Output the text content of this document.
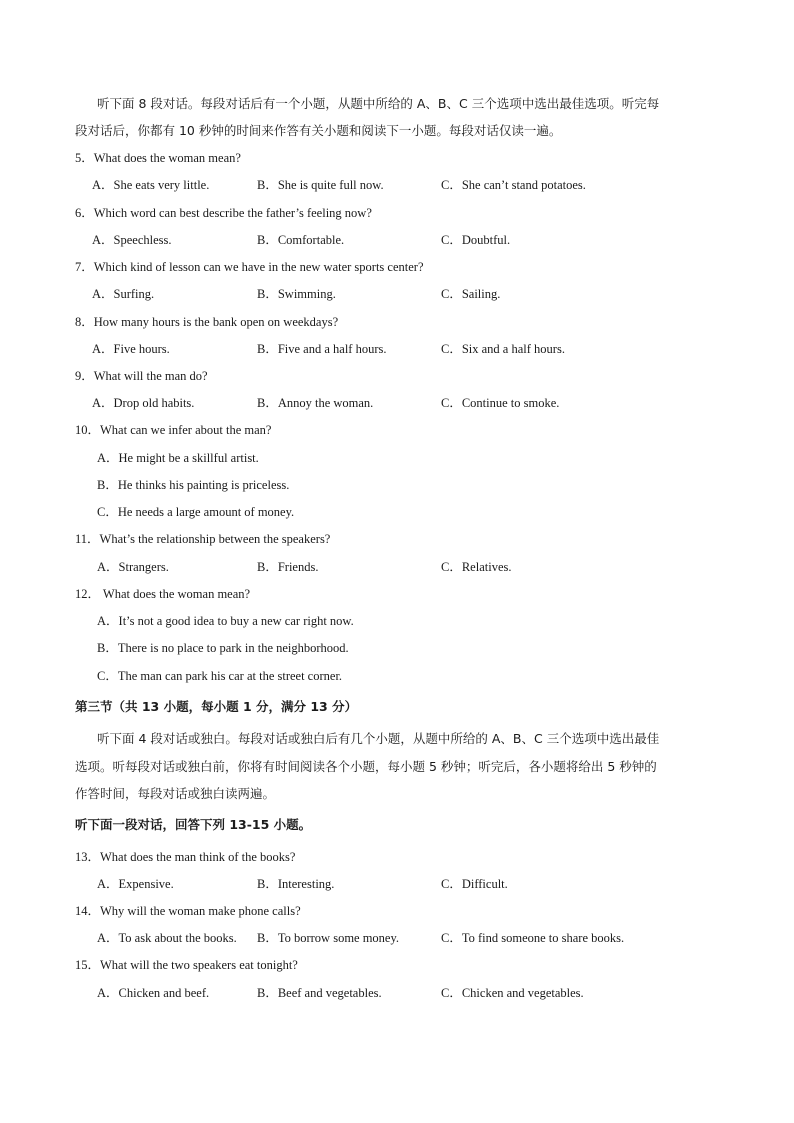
听下面 8 段对话。每段对话后有一个小题，从题中所给的 A、B、C 三个选项中选出最佳选项。听完每
段对话后，你都有 10 秒钟的时间来作答有关小题和阅读下一小题。每段对话仅读一遍。
5．What does the woman mean?
A．She eats very little.	B．She is quite full now.	C．She can’t stand potatoes.
6．Which word can best describe the father’s feeling now?
A．Speechless.	B．Comfortable.	C．Doubtful.
7．Which kind of lesson can we have in the new water sports center?
A．Surfing.	B．Swimming.	C．Sailing.
8．How many hours is the bank open on weekdays?
A．Five hours.	B．Five and a half hours.	C．Six and a half hours.
9．What will the man do?
A．Drop old habits.	B．Annoy the woman.	C．Continue to smoke.
10．What can we infer about the man?
A．He might be a skillful artist.
B．He thinks his painting is priceless.
C．He needs a large amount of money.
11．What’s the relationship between the speakers?
A．Strangers.	B．Friends.	C．Relatives.
12． What does the woman mean?
A．It’s not a good idea to buy a new car right now.
B．There is no place to park in the neighborhood.
C．The man can park his car at the street corner.
第三节（共 13 小题，每小题 1 分，满分 13 分）
听下面 4 段对话或独白。每段对话或独白后有几个小题，从题中所给的 A、B、C 三个选项中选出最佳
选项。听每段对话或独白前，你将有时间阅读各个小题，每小题 5 秒钟；听完后，各小题将给出 5 秒钟的
作答时间，每段对话或独白读两遍。
听下面一段对话，回答下列 13-15 小题。
13．What does the man think of the books?
A．Expensive.	B．Interesting.	C．Difficult.
14．Why will the woman make phone calls?
A．To ask about the books. B．To borrow some money.	C．To find someone to share books.
15．What will the two speakers eat tonight?
A．Chicken and beef.	B．Beef and vegetables.	C．Chicken and vegetables.
